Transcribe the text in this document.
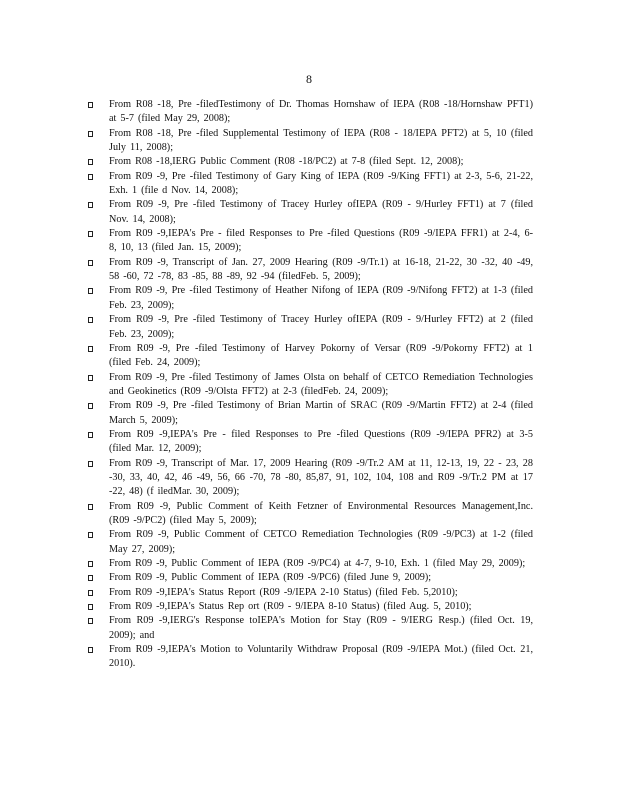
8
From R08 -18, Pre -filedTestimony of Dr. Thomas Hornshaw of IEPA (R08 -18/Hornshaw PFT1) at 5-7 (filed May 29, 2008);
From R08 -18, Pre -filed Supplemental Testimony of IEPA (R08 - 18/IEPA PFT2) at 5, 10 (filed July 11, 2008);
From R08 -18,IERG Public Comment (R08 -18/PC2) at 7-8 (filed Sept. 12, 2008);
From R09 -9, Pre -filed Testimony of Gary King of IEPA (R09 -9/King FFT1) at 2-3, 5-6, 21-22, Exh. 1 (file d Nov. 14, 2008);
From R09 -9, Pre -filed Testimony of Tracey Hurley ofIEPA (R09 - 9/Hurley FFT1) at 7 (filed Nov. 14, 2008);
From R09 -9,IEPA's Pre - filed Responses to Pre -filed Questions (R09 -9/IEPA FFR1) at 2-4, 6-8, 10, 13 (filed Jan. 15, 2009);
From R09 -9, Transcript of Jan. 27, 2009 Hearing (R09 -9/Tr.1) at 16-18, 21-22, 30 -32, 40 -49, 58 -60, 72 -78, 83 -85, 88 -89, 92 -94 (filedFeb. 5, 2009);
From R09 -9, Pre -filed Testimony of Heather Nifong of IEPA (R09 -9/Nifong FFT2) at 1-3 (filed Feb. 23, 2009);
From R09 -9, Pre -filed Testimony of Tracey Hurley ofIEPA (R09 - 9/Hurley FFT2) at 2 (filed Feb. 23, 2009);
From R09 -9, Pre -filed Testimony of Harvey Pokorny of Versar (R09 -9/Pokorny FFT2) at 1 (filed Feb. 24, 2009);
From R09 -9, Pre -filed Testimony of James Olsta on behalf of CETCO Remediation Technologies and Geokinetics (R09 -9/Olsta FFT2) at 2-3 (filedFeb. 24, 2009);
From R09 -9, Pre -filed Testimony of Brian Martin of SRAC (R09 -9/Martin FFT2) at 2-4 (filed March 5, 2009);
From R09 -9,IEPA's Pre - filed Responses to Pre -filed Questions (R09 -9/IEPA PFR2) at 3-5 (filed Mar. 12, 2009);
From R09 -9, Transcript of Mar. 17, 2009 Hearing (R09 -9/Tr.2 AM at 11, 12-13, 19, 22 - 23, 28 -30, 33, 40, 42, 46 -49, 56, 66 -70, 78 -80, 85,87, 91, 102, 104, 108 and R09 -9/Tr.2 PM at 17 -22, 48) (f iledMar. 30, 2009);
From R09 -9, Public Comment of Keith Fetzner of Environmental Resources Management,Inc. (R09 -9/PC2) (filed May 5, 2009);
From R09 -9, Public Comment of CETCO Remediation Technologies (R09 -9/PC3) at 1-2 (filed May 27, 2009);
From R09 -9, Public Comment of IEPA (R09 -9/PC4) at 4-7, 9-10, Exh. 1 (filed May 29, 2009);
From R09 -9, Public Comment of IEPA (R09 -9/PC6) (filed June 9, 2009);
From R09 -9,IEPA's Status Report (R09 -9/IEPA 2-10 Status) (filed Feb. 5,2010);
From R09 -9,IEPA's Status Rep ort (R09 - 9/IEPA 8-10 Status) (filed Aug. 5, 2010);
From R09 -9,IERG's Response toIEPA's Motion for Stay (R09 - 9/IERG Resp.) (filed Oct. 19, 2009); and
From R09 -9,IEPA's Motion to Voluntarily Withdraw Proposal (R09 -9/IEPA Mot.) (filed Oct. 21, 2010).
